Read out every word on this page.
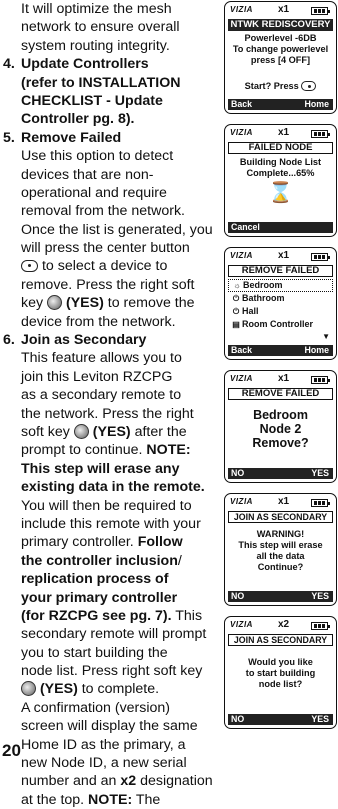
It will optimize the mesh
network to ensure overall
system routing integrity.
4. Update Controllers
(refer to INSTALLATION
CHECKLIST - Update
Controller pg. 8).
5. Remove Failed
Use this option to detect
devices that are non-
operational and require
removal from the network.
Once the list is generated, you
will press the center button
to select a device to
remove. Press the right soft
key (YES) to remove the
device from the network.
6. Join as Secondary
This feature allows you to
join this Leviton RZCPG
as a secondary remote to
the network. Press the right
soft key (YES) after the
prompt to continue. NOTE:
This step will erase any
existing data in the remote.
You will then be required to
include this remote with your
primary controller. Follow
the controller inclusion/
replication process of
your primary controller
(for RZCPG see pg. 7). This
secondary remote will prompt
you to start building the
node list. Press right soft key
(YES) to complete.
A confirmation (version)
screen will display the same
Home ID as the primary, a
new Node ID, a new serial
number and an x2 designation
at the top. NOTE: The
20
VIZIA	x1
NTWK REDISCOVERY
Powerlevel -6DB
To change powerlevel
press [4 OFF]
Start? Press
Back	Home
VIZIA	x1
FAILED NODE
Building Node List
Complete...65%
⌛
Cancel
VIZIA	x1
REMOVE FAILED
☼ Bedroom
⏻ Bathroom
⏻ Hall
▤ Room Controller
▼
Back	Home
VIZIA	x1
REMOVE FAILED
Bedroom
Node 2
Remove?
NO	YES
VIZIA	x1
JOIN AS SECONDARY
WARNING!
This step will erase
all the data
Continue?
NO	YES
VIZIA	x2
JOIN AS SECONDARY
Would you like
to start building
node list?
NO	YES
